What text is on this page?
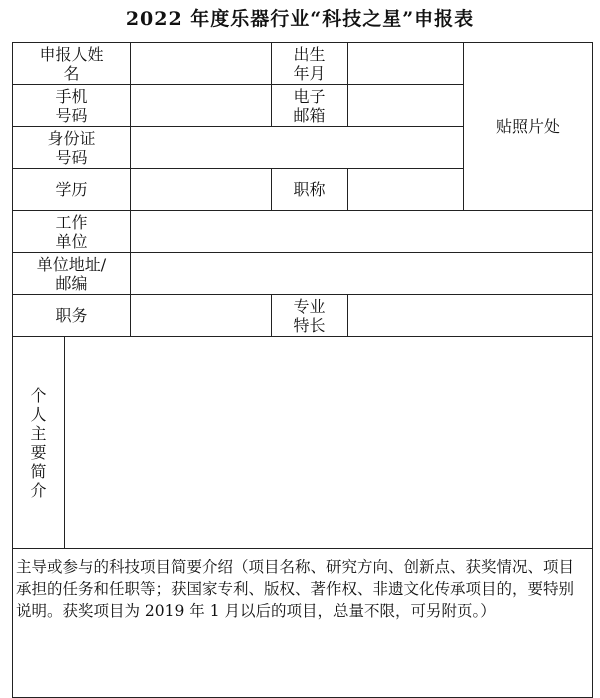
2022 年度乐器行业“科技之星”申报表
申报人姓名
出生年月
手机号码
电子邮箱
身份证号码
学历	职称
工作单位
单位地址/邮编
职务	专业特长
贴照片处
个人主要简介
主导或参与的科技项目简要介绍（项目名称、研究方向、创新点、获奖情况、项目承担的任务和任职等；获国家专利、版权、著作权、非遗文化传承项目的，要特别说明。获奖项目为 2019 年 1 月以后的项目，总量不限，可另附页。）
